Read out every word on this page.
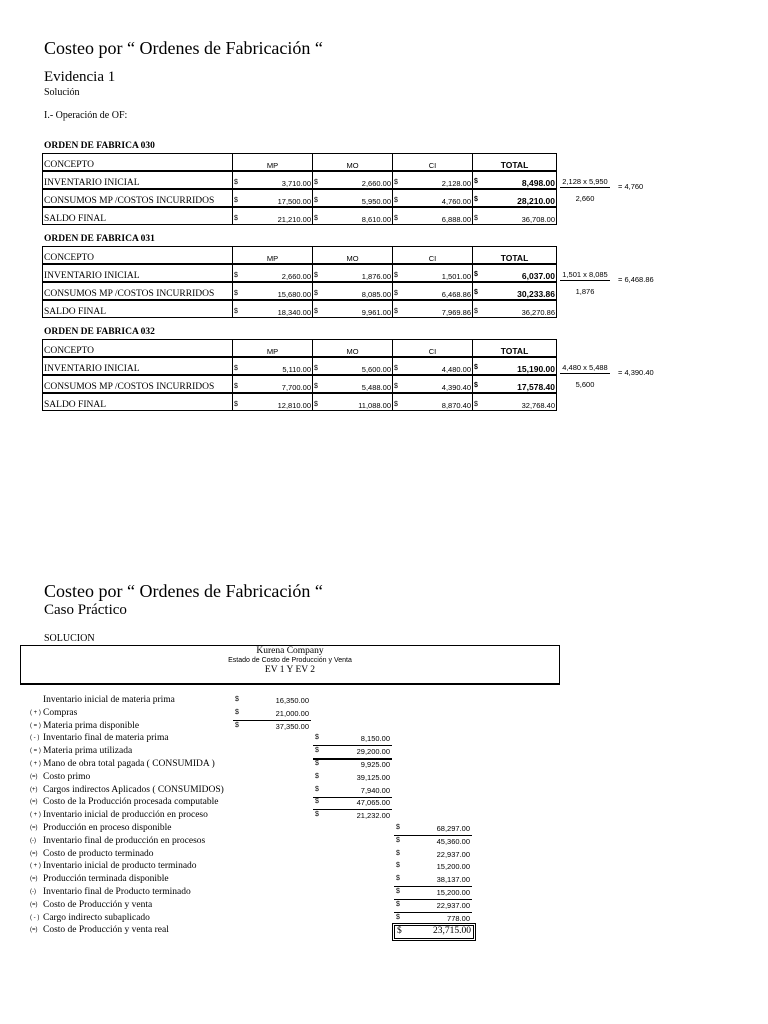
Costeo por “ Ordenes de Fabricación “
Evidencia 1
Solución
I.- Operación de OF:
ORDEN DE FABRICA 030
CONCEPTO	MP	MO	CI	TOTAL
INVENTARIO INICIAL	$ 3,710.00	$ 2,660.00	$ 2,128.00	$ 8,498.00

CONSUMOS MP /COSTOS INCURRIDOS	$ 17,500.00	$ 5,950.00	$ 4,760.00	$ 28,210.00

SALDO FINAL	$ 21,210.00	$ 8,610.00	$ 6,888.00	$ 36,708.00
2,128 x 5,950
2,660
= 4,760
ORDEN DE FABRICA 031
CONCEPTO	MP	MO	CI	TOTAL
INVENTARIO INICIAL	$ 2,660.00	$ 1,876.00	$ 1,501.00	$ 6,037.00

CONSUMOS MP /COSTOS INCURRIDOS	$ 15,680.00	$ 8,085.00	$ 6,468.86	$ 30,233.86

SALDO FINAL	$ 18,340.00	$ 9,961.00	$ 7,969.86	$ 36,270.86
1,501 x 8,085
1,876
= 6,468.86
ORDEN DE FABRICA 032
CONCEPTO	MP	MO	CI	TOTAL
INVENTARIO INICIAL	$ 5,110.00	$ 5,600.00	$ 4,480.00	$ 15,190.00

CONSUMOS MP /COSTOS INCURRIDOS	$ 7,700.00	$ 5,488.00	$ 4,390.40	$ 17,578.40

SALDO FINAL	$ 12,810.00	$ 11,088.00	$ 8,870.40	$ 32,768.40
4,480 x 5,488
5,600
= 4,390.40
Costeo por “ Ordenes de Fabricación “
Caso Práctico
SOLUCION
Kurena Company
Estado de Costo de Producción y Venta
EV 1 Y EV 2
Inventario inicial de materia prima	$	16,350.00
( + ) Compras	$	21,000.00
( = ) Materia prima disponible	$	37,350.00
( - ) Inventario final de materia prima	$	8,150.00
( = ) Materia prima utilizada	$	29,200.00
( + ) Mano de obra total pagada ( CONSUMIDA )	$	9,925.00
(=) Costo primo	$	39,125.00
(+) Cargos indirectos Aplicados ( CONSUMIDOS)	$	7,940.00
(=) Costo de la Producción procesada computable	$	47,065.00
( + ) Inventario inicial de producción en proceso	$	21,232.00
(=) Producción en proceso disponible	$	68,297.00
(-) Inventario final de producción en procesos	$	45,360.00
(=) Costo de producto terminado	$	22,937.00
( + ) Inventario inicial de producto terminado	$	15,200.00
(=) Producción terminada disponible	$	38,137.00
(-) Inventario final de Producto terminado	$	15,200.00
(=) Costo de Producción y venta	$	22,937.00
( - ) Cargo indirecto subaplicado	$	778.00
(=) Costo de Producción y venta real	$	23,715.00
